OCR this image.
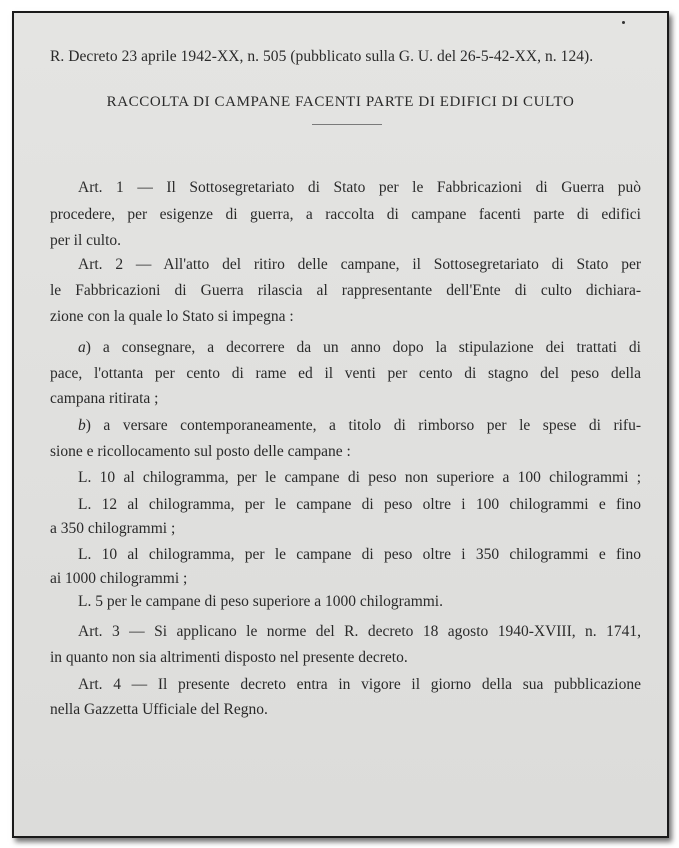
R. Decreto 23 aprile 1942-XX, n. 505 (pubblicato sulla G. U. del 26-5-42-XX, n. 124).
RACCOLTA DI CAMPANE FACENTI PARTE DI EDIFICI DI CULTO
Art. 1 — Il Sottosegretariato di Stato per le Fabbricazioni di Guerra può
procedere, per esigenze di guerra, a raccolta di campane facenti parte di edifici
per il culto.
Art. 2 — All'atto del ritiro delle campane, il Sottosegretariato di Stato per
le Fabbricazioni di Guerra rilascia al rappresentante dell'Ente di culto dichiara-
zione con la quale lo Stato si impegna :
a) a consegnare, a decorrere da un anno dopo la stipulazione dei trattati di
pace, l'ottanta per cento di rame ed il venti per cento di stagno del peso della
campana ritirata ;
b) a versare contemporaneamente, a titolo di rimborso per le spese di rifu-
sione e ricollocamento sul posto delle campane :
L. 10 al chilogramma, per le campane di peso non superiore a 100 chilogrammi ;
L. 12 al chilogramma, per le campane di peso oltre i 100 chilogrammi e fino
a 350 chilogrammi ;
L. 10 al chilogramma, per le campane di peso oltre i 350 chilogrammi e fino
ai 1000 chilogrammi ;
L. 5 per le campane di peso superiore a 1000 chilogrammi.
Art. 3 — Si applicano le norme del R. decreto 18 agosto 1940-XVIII, n. 1741,
in quanto non sia altrimenti disposto nel presente decreto.
Art. 4 — Il presente decreto entra in vigore il giorno della sua pubblicazione
nella Gazzetta Ufficiale del Regno.
